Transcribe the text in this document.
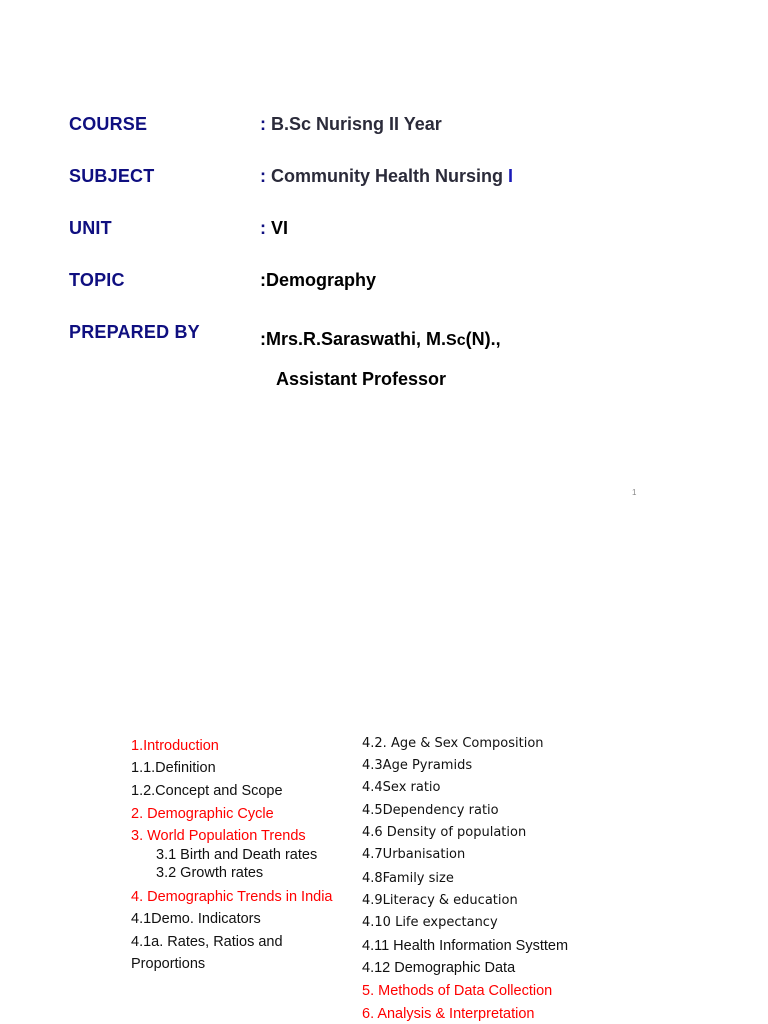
COURSE	: B.Sc Nurisng II Year
SUBJECT	: Community Health Nursing I
UNIT	: VI
TOPIC	:Demography
PREPARED BY	:Mrs.R.Saraswathi, M.Sc(N).,
Assistant Professor
1
1.Introduction
1.1.Definition
1.2.Concept and Scope
2. Demographic Cycle
3. World Population Trends
3.1 Birth and Death rates
3.2 Growth rates
4. Demographic Trends in India
4.1Demo. Indicators
4.1a. Rates, Ratios and
Proportions
4.2. Age & Sex Composition
4.3Age Pyramids
4.4Sex ratio
4.5Dependency ratio
4.6 Density of population
4.7Urbanisation
4.8Family size
4.9Literacy & education
4.10 Life expectancy
4.11 Health Information Systtem
4.12 Demographic Data
5. Methods of Data Collection
6. Analysis & Interpretation
